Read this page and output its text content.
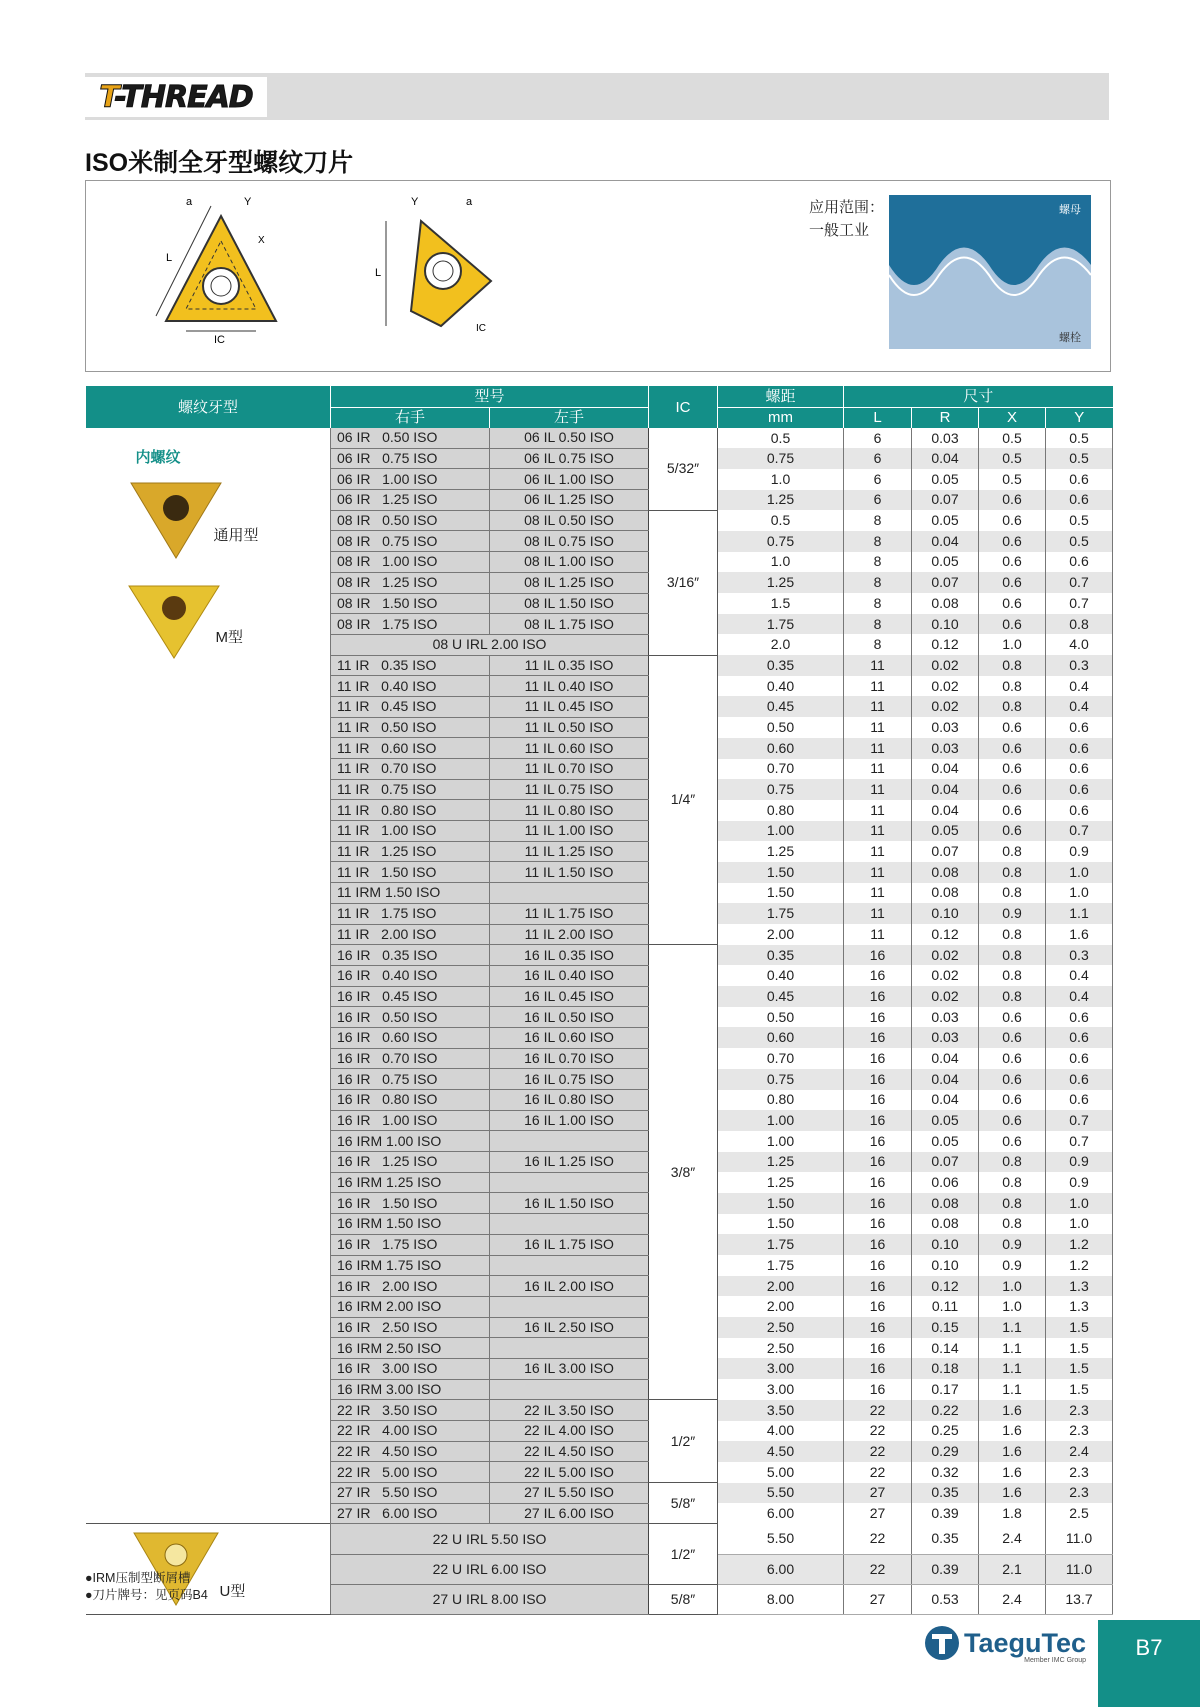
T-THREAD
ISO米制全牙型螺纹刀片
IC
L
Y
X
a
L
Y	a
IC
应用范围：
一般工业
螺母
螺栓
螺纹牙型	型号		IC	螺距	尺寸			
	右手	左手		mm	L	R	X	Y

内螺纹
通用型
M型	06 IR   0.50 ISO	06 IL 0.50 ISO	5/32″	0.5	6	0.03	0.5	0.5
	06 IR   0.75 ISO	06 IL 0.75 ISO		0.75	6	0.04	0.5	0.5
	06 IR   1.00 ISO	06 IL 1.00 ISO		1.0	6	0.05	0.5	0.6
	06 IR   1.25 ISO	06 IL 1.25 ISO		1.25	6	0.07	0.6	0.6
	08 IR   0.50 ISO	08 IL 0.50 ISO	3/16″	0.5	8	0.05	0.6	0.5
	08 IR   0.75 ISO	08 IL 0.75 ISO		0.75	8	0.04	0.6	0.5
	08 IR   1.00 ISO	08 IL 1.00 ISO		1.0	8	0.05	0.6	0.6
	08 IR   1.25 ISO	08 IL 1.25 ISO		1.25	8	0.07	0.6	0.7
	08 IR   1.50 ISO	08 IL 1.50 ISO		1.5	8	0.08	0.6	0.7
	08 IR   1.75 ISO	08 IL 1.75 ISO		1.75	8	0.10	0.6	0.8
	08 U IRL 2.00 ISO			2.0	8	0.12	1.0	4.0
	11 IR   0.35 ISO	11 IL 0.35 ISO	1/4″	0.35	11	0.02	0.8	0.3
	11 IR   0.40 ISO	11 IL 0.40 ISO		0.40	11	0.02	0.8	0.4
	11 IR   0.45 ISO	11 IL 0.45 ISO		0.45	11	0.02	0.8	0.4
	11 IR   0.50 ISO	11 IL 0.50 ISO		0.50	11	0.03	0.6	0.6
	11 IR   0.60 ISO	11 IL 0.60 ISO		0.60	11	0.03	0.6	0.6
	11 IR   0.70 ISO	11 IL 0.70 ISO		0.70	11	0.04	0.6	0.6
	11 IR   0.75 ISO	11 IL 0.75 ISO		0.75	11	0.04	0.6	0.6
	11 IR   0.80 ISO	11 IL 0.80 ISO		0.80	11	0.04	0.6	0.6
	11 IR   1.00 ISO	11 IL 1.00 ISO		1.00	11	0.05	0.6	0.7
	11 IR   1.25 ISO	11 IL 1.25 ISO		1.25	11	0.07	0.8	0.9
	11 IR   1.50 ISO	11 IL 1.50 ISO		1.50	11	0.08	0.8	1.0
	11 IRM 1.50 ISO			1.50	11	0.08	0.8	1.0
	11 IR   1.75 ISO	11 IL 1.75 ISO		1.75	11	0.10	0.9	1.1
	11 IR   2.00 ISO	11 IL 2.00 ISO		2.00	11	0.12	0.8	1.6
	16 IR   0.35 ISO	16 IL 0.35 ISO	3/8″	0.35	16	0.02	0.8	0.3
	16 IR   0.40 ISO	16 IL 0.40 ISO		0.40	16	0.02	0.8	0.4
	16 IR   0.45 ISO	16 IL 0.45 ISO		0.45	16	0.02	0.8	0.4
	16 IR   0.50 ISO	16 IL 0.50 ISO		0.50	16	0.03	0.6	0.6
	16 IR   0.60 ISO	16 IL 0.60 ISO		0.60	16	0.03	0.6	0.6
	16 IR   0.70 ISO	16 IL 0.70 ISO		0.70	16	0.04	0.6	0.6
	16 IR   0.75 ISO	16 IL 0.75 ISO		0.75	16	0.04	0.6	0.6
	16 IR   0.80 ISO	16 IL 0.80 ISO		0.80	16	0.04	0.6	0.6
	16 IR   1.00 ISO	16 IL 1.00 ISO		1.00	16	0.05	0.6	0.7
	16 IRM 1.00 ISO			1.00	16	0.05	0.6	0.7
	16 IR   1.25 ISO	16 IL 1.25 ISO		1.25	16	0.07	0.8	0.9
	16 IRM 1.25 ISO			1.25	16	0.06	0.8	0.9
	16 IR   1.50 ISO	16 IL 1.50 ISO		1.50	16	0.08	0.8	1.0
	16 IRM 1.50 ISO			1.50	16	0.08	0.8	1.0
	16 IR   1.75 ISO	16 IL 1.75 ISO		1.75	16	0.10	0.9	1.2
	16 IRM 1.75 ISO			1.75	16	0.10	0.9	1.2
	16 IR   2.00 ISO	16 IL 2.00 ISO		2.00	16	0.12	1.0	1.3
	16 IRM 2.00 ISO			2.00	16	0.11	1.0	1.3
	16 IR   2.50 ISO	16 IL 2.50 ISO		2.50	16	0.15	1.1	1.5
	16 IRM 2.50 ISO			2.50	16	0.14	1.1	1.5
	16 IR   3.00 ISO	16 IL 3.00 ISO		3.00	16	0.18	1.1	1.5
	16 IRM 3.00 ISO			3.00	16	0.17	1.1	1.5
	22 IR   3.50 ISO	22 IL 3.50 ISO	1/2″	3.50	22	0.22	1.6	2.3
	22 IR   4.00 ISO	22 IL 4.00 ISO		4.00	22	0.25	1.6	2.3
	22 IR   4.50 ISO	22 IL 4.50 ISO		4.50	22	0.29	1.6	2.4
	22 IR   5.00 ISO	22 IL 5.00 ISO		5.00	22	0.32	1.6	2.3
	27 IR   5.50 ISO	27 IL 5.50 ISO	5/8″	5.50	27	0.35	1.6	2.3
	27 IR   6.00 ISO	27 IL 6.00 ISO		6.00	27	0.39	1.8	2.5

U型	22 U IRL 5.50 ISO		1/2″	5.50	22	0.35	2.4	11.0
	22 U IRL 6.00 ISO			6.00	22	0.39	2.1	11.0
	27 U IRL 8.00 ISO		5/8″	8.00	27	0.53	2.4	13.7
●IRM压制型断屑槽
●刀片牌号：见页码B4
TaeguTec
Member IMC Group
B7
